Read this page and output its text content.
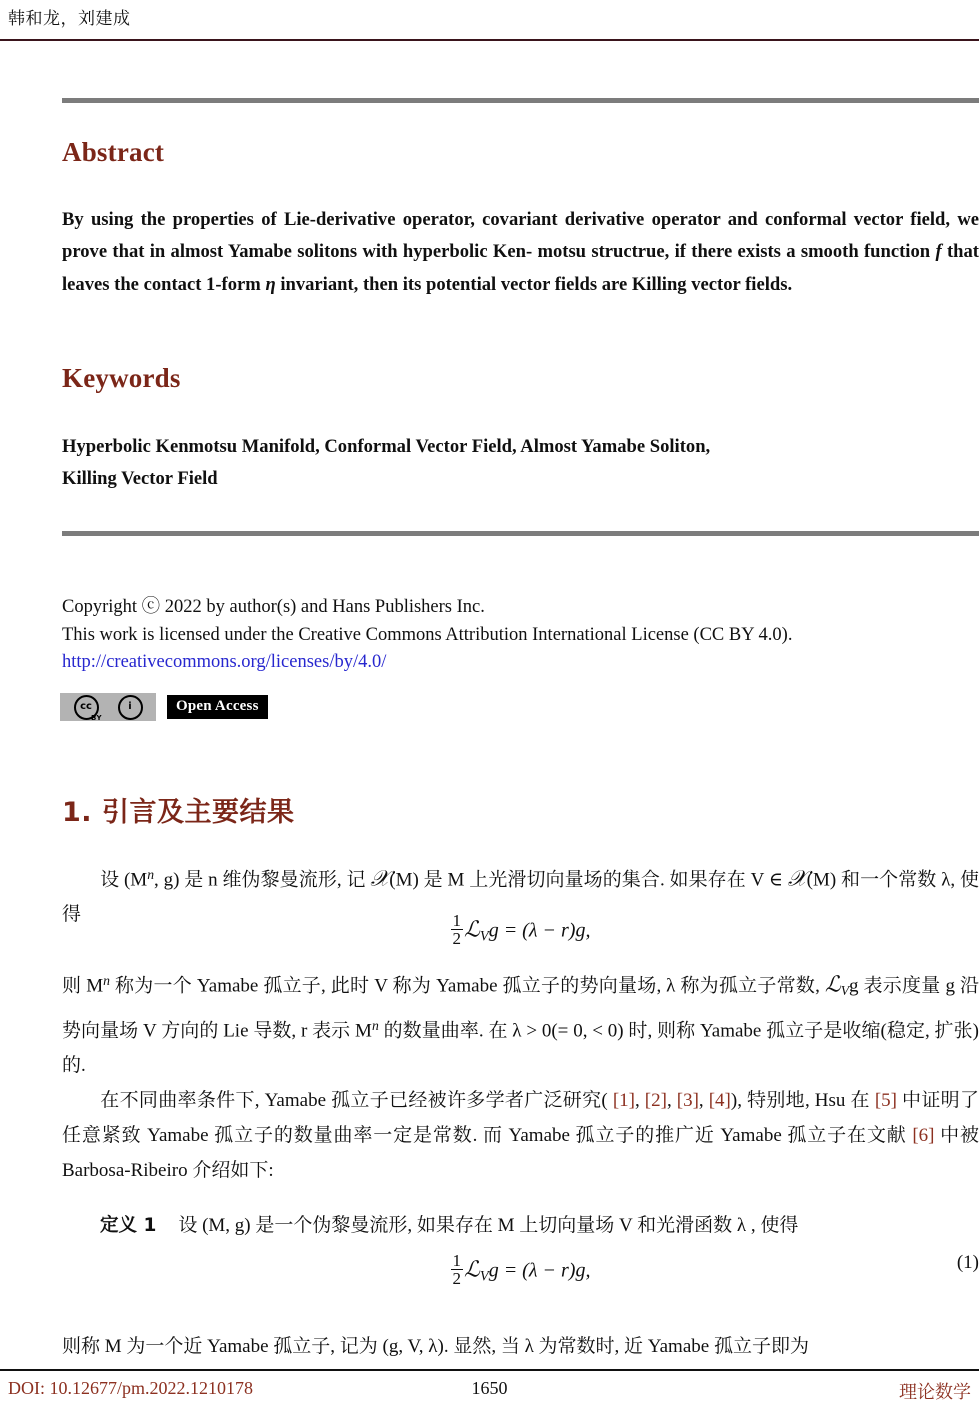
韩和龙，刘建成
Abstract
By using the properties of Lie-derivative operator, covariant derivative operator and conformal vector field, we prove that in almost Yamabe solitons with hyperbolic Ken- motsu structrue, if there exists a smooth function f that leaves the contact 1-form η invariant, then its potential vector fields are Killing vector fields.
Keywords
Hyperbolic Kenmotsu Manifold, Conformal Vector Field, Almost Yamabe Soliton,
Killing Vector Field
Copyright ⓒ 2022 by author(s) and Hans Publishers Inc.
This work is licensed under the Creative Commons Attribution International License (CC BY 4.0).
http://creativecommons.org/licenses/by/4.0/
cc	i
BY
Open Access
1. 引言及主要结果
设 ($M^n$, g) 是 n 维伪黎曼流形, 记 𝒳(M) 是 M 上光滑切向量场的集合. 如果存在 V ∈ 𝒳(M) 和一个常数 λ, 使得	$\frac{1}{2}$ ℒ$_V$g = (λ − r)g,
则 $M^n$ 称为一个 Yamabe 孤立子, 此时 V 称为 Yamabe 孤立子的势向量场, λ 称为孤立子常数, ℒ$_V$g 表示度量 g 沿势向量场 V 方向的 Lie 导数, r 表示 $M^n$ 的数量曲率. 在 λ > 0(= 0, < 0) 时, 则称 Yamabe 孤立子是收缩(稳定, 扩张)的.
在不同曲率条件下, Yamabe 孤立子已经被许多学者广泛研究( [1], [2], [3], [4]), 特别地, Hsu 在 [5] 中证明了任意紧致 Yamabe 孤立子的数量曲率一定是常数. 而 Yamabe 孤立子的推广近 Yamabe 孤立子在文献 [6] 中被 Barbosa-Ribeiro 介绍如下:
定义 1 设 (M, g) 是一个伪黎曼流形, 如果存在 M 上切向量场 V 和光滑函数 λ , 使得
$\frac{1}{2}$ ℒ$_V$g = (λ − r)g,	(1)
则称 M 为一个近 Yamabe 孤立子, 记为 (g, V, λ). 显然, 当 λ 为常数时, 近 Yamabe 孤立子即为
DOI: 10.12677/pm.2022.1210178	1650	理论数学
